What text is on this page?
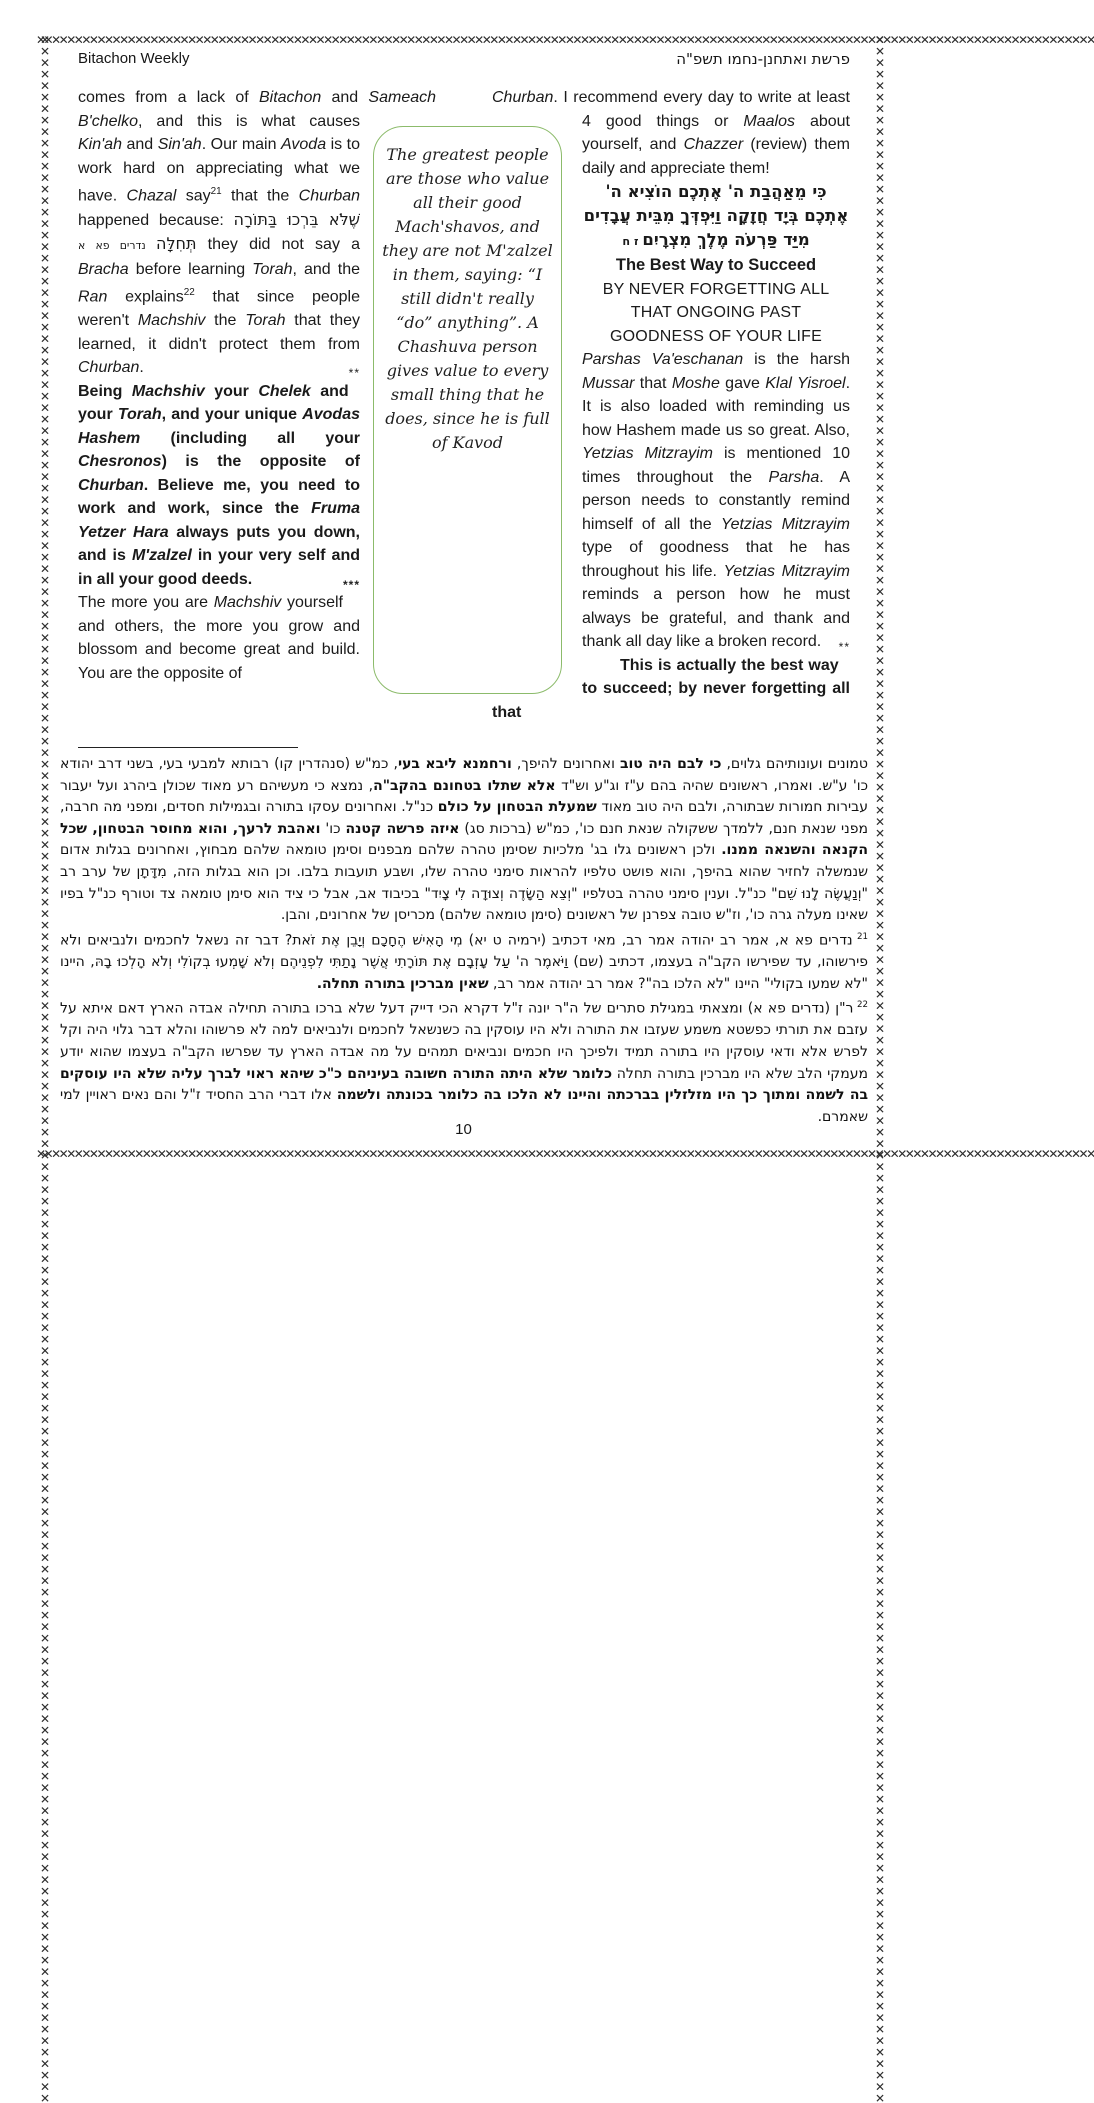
✕✕✕✕✕✕✕✕✕✕✕✕✕✕✕✕✕✕✕✕✕✕✕✕✕✕✕✕✕✕✕✕✕✕✕✕✕✕✕✕✕✕✕✕✕✕✕✕✕✕✕✕✕✕✕✕✕✕✕✕✕✕✕✕✕✕✕✕✕✕✕✕✕✕✕✕✕✕✕✕✕✕✕✕✕✕✕✕✕✕✕✕✕✕✕✕✕✕✕✕✕✕✕✕✕✕✕✕✕✕✕✕✕✕✕✕✕✕✕✕✕✕✕✕✕✕✕✕✕✕✕✕✕✕✕✕✕✕✕✕
✕✕✕✕✕✕✕✕✕✕✕✕✕✕✕✕✕✕✕✕✕✕✕✕✕✕✕✕✕✕✕✕✕✕✕✕✕✕✕✕✕✕✕✕✕✕✕✕✕✕✕✕✕✕✕✕✕✕✕✕✕✕✕✕✕✕✕✕✕✕✕✕✕✕✕✕✕✕✕✕✕✕✕✕✕✕✕✕✕✕✕✕✕✕✕✕✕✕✕✕✕✕✕✕✕✕✕✕✕✕✕✕✕✕✕✕✕✕✕✕✕✕✕✕✕✕✕✕✕✕✕✕✕✕✕✕✕✕✕✕
✕✕✕✕✕✕✕✕✕✕✕✕✕✕✕✕✕✕✕✕✕✕✕✕✕✕✕✕✕✕✕✕✕✕✕✕✕✕✕✕✕✕✕✕✕✕✕✕✕✕✕✕✕✕✕✕✕✕✕✕✕✕✕✕✕✕✕✕✕✕✕✕✕✕✕✕✕✕✕✕✕✕✕✕✕✕✕✕✕✕✕✕✕✕✕✕✕✕✕✕✕✕✕✕✕✕✕✕✕✕✕✕✕✕✕✕✕✕✕✕✕✕✕✕✕✕✕✕✕✕✕✕✕✕✕✕✕✕✕✕✕✕✕✕✕✕✕✕✕✕✕✕✕✕✕✕✕✕✕✕✕✕✕✕✕✕✕✕✕✕✕✕✕✕✕✕✕✕✕✕	✕✕✕✕✕✕✕✕✕✕✕✕✕✕✕✕✕✕✕✕✕✕✕✕✕✕✕✕✕✕✕✕✕✕✕✕✕✕✕✕✕✕✕✕✕✕✕✕✕✕✕✕✕✕✕✕✕✕✕✕✕✕✕✕✕✕✕✕✕✕✕✕✕✕✕✕✕✕✕✕✕✕✕✕✕✕✕✕✕✕✕✕✕✕✕✕✕✕✕✕✕✕✕✕✕✕✕✕✕✕✕✕✕✕✕✕✕✕✕✕✕✕✕✕✕✕✕✕✕✕✕✕✕✕✕✕✕✕✕✕✕✕✕✕✕✕✕✕✕✕✕✕✕✕✕✕✕✕✕✕✕✕✕✕✕✕✕✕✕✕✕✕✕✕✕✕✕✕✕✕
Bitachon Weekly	פרשת ואתחנן-נחמו תשפ"ה

comes from a lack of Bitachon and Sameach B'chelko, and this is what causes Kin'ah and Sin'ah. Our main Avoda is to work hard on appreciating what we have. Chazal say$^{21}$ that the Churban happened because: שֶׁלֹּא בֵּרְכוּ בַּתּוֹרָה תְּחִלָּה נדרים פא א	they did not say a Bracha before learning Torah, and the Ran explains$^{22}$ that since people weren't Machshiv the Torah that they learned, it didn't protect them from Churban.	**

Being Machshiv your Chelek and your Torah, and your unique Avodas Hashem (including all your Chesronos) is the opposite of Churban. Believe me, you need to work and work, since the Fruma Yetzer Hara always puts you down, and is M'zalzel in your very self and in all your good deeds.	***

The more you are Machshiv yourself and others, the more you grow and blossom and become great and build. You are the opposite of

The greatest people are those who value all their good Mach'shavos, and they are not M'zalzel in them, saying: “I still didn't really “do” anything”. A Chashuva person gives value to every small thing that he does, since he is full of Kavod

Churban. I recommend every day to write at least 4 good things or Maalos about yourself, and Chazzer (review) them daily and appreciate them!

כִּי מֵאַהֲבַת ה' אֶתְכֶם הוֹצִיא ה' אֶתְכֶם בְּיָד חֲזָקָה וַיִּפְדְּךָ מִבֵּית עֲבָדִים מִיַּד פַּרְעֹה מֶלֶךְ מִצְרָיִם ז ח

The Best Way to Succeed

BY NEVER FORGETTING ALL THAT ONGOING PAST GOODNESS OF YOUR LIFE

Parshas Va'eschanan is the harsh Mussar that Moshe gave Klal Yisroel. It is also loaded with reminding us how Hashem made us so great. Also, Yetzias Mitzrayim is mentioned 10 times throughout the Parsha. A person needs to constantly remind himself of all the Yetzias Mitzrayim type of goodness that he has throughout his life. Yetzias Mitzrayim reminds a person how he must always be grateful, and thank and thank all day like a broken record. **

This is actually the best way to succeed; by never forgetting all that

טמונים ועונותיהם גלוים, כי לבם היה טוב ואחרונים להיפך, ורחמנא ליבא בעי, כמ"ש (סנהדרין קו) רבותא למבעי בעי, בשני דרב יהודא כו' ע"ש. ואמרו, ראשונים שהיה בהם ע"ז וג"ע וש"ד אלא שתלו בטחונם בהקב"ה, נמצא כי מעשיהם רע מאוד שכולן ביהרג ועל יעבור עבירות חמורות שבתורה, ולבם היה טוב מאוד שמעלת הבטחון על כולם כנ"ל. ואחרונים עסקו בתורה ובגמילות חסדים, ומפני מה חרבה, מפני שנאת חנם, ללמדך ששקולה שנאת חנם כו', כמ"ש (ברכות סג) איזה פרשה קטנה כו' ואהבת לרעך, והוא מחוסר הבטחון, שכל הקנאה והשנאה ממנו. ולכן ראשונים גלו בג' מלכיות שסימן טהרה שלהם מבפנים וסימן טומאה שלהם מבחוץ, ואחרונים בגלות אדום שנמשלה לחזיר שהוא בהיפך, והוא פושט טלפיו להראות סימני טהרה שלו, ושבע תועבות בלבו. וכן הוא בגלות הזה, מִדָּתָן של ערב רב "וְנַעֲשֶׂה לָנוּ שֵׁם" כנ"ל. וענין סימני טהרה בטלפיו "וְצֵא הַשָּׂדֶה וְצוּדָה לִי צָיִד" בכיבוד אב, אבל כי ציד הוא סימן טומאה צד וטורף כנ"ל בפיו שאינו מעלה גרה כו', וז"ש טובה צפרנן של ראשונים (סימן טומאה שלהם) מכריסן של אחרונים, והבן.

$^{21}$ נדרים פא א, אמר רב יהודה אמר רב, מאי דכתיב (ירמיה ט יא) מִי הָאִישׁ הֶחָכָם וְיָבֵן אֶת זֹאת? דבר זה נשאל לחכמים ולנביאים ולא פירשוהו, עד שפירשו הקב"ה בעצמו, דכתיב (שם) וַיֹּאמֶר ה' עַל עָזְבָם אֶת תּוֹרָתִי אֲשֶׁר נָתַתִּי לִפְנֵיהֶם וְלֹא שָׁמְעוּ בְקוֹלִי וְלֹא הָלְכוּ בָהּ, היינו "לא שמעו בקולי" היינו "לא הלכו בה"? אמר רב יהודה אמר רב, שאין מברכין בתורה תחלה.

$^{22}$ ר"ן (נדרים פא א) ומצאתי במגילת סתרים של ה"ר יונה ז"ל דקרא הכי דייק דעל שלא ברכו בתורה תחילה אבדה הארץ דאם איתא על עזבם את תורתי כפשטא משמע שעזבו את התורה ולא היו עוסקין בה כשנשאל לחכמים ולנביאים למה לא פרשוהו והלא דבר גלוי היה וקל לפרש אלא ודאי עוסקין היו בתורה תמיד ולפיכך היו חכמים ונביאים תמהים על מה אבדה הארץ עד שפרשו הקב"ה בעצמו שהוא יודע מעמקי הלב שלא היו מברכין בתורה תחלה כלומר שלא היתה התורה חשובה בעיניהם כ"כ שיהא ראוי לברך עליה שלא היו עוסקים בה לשמה ומתוך כך היו מזלזלין בברכתה והיינו לא הלכו בה כלומר בכונתה ולשמה אלו דברי הרב החסיד ז"ל והם נאים ראויין למי שאמרם.

10
